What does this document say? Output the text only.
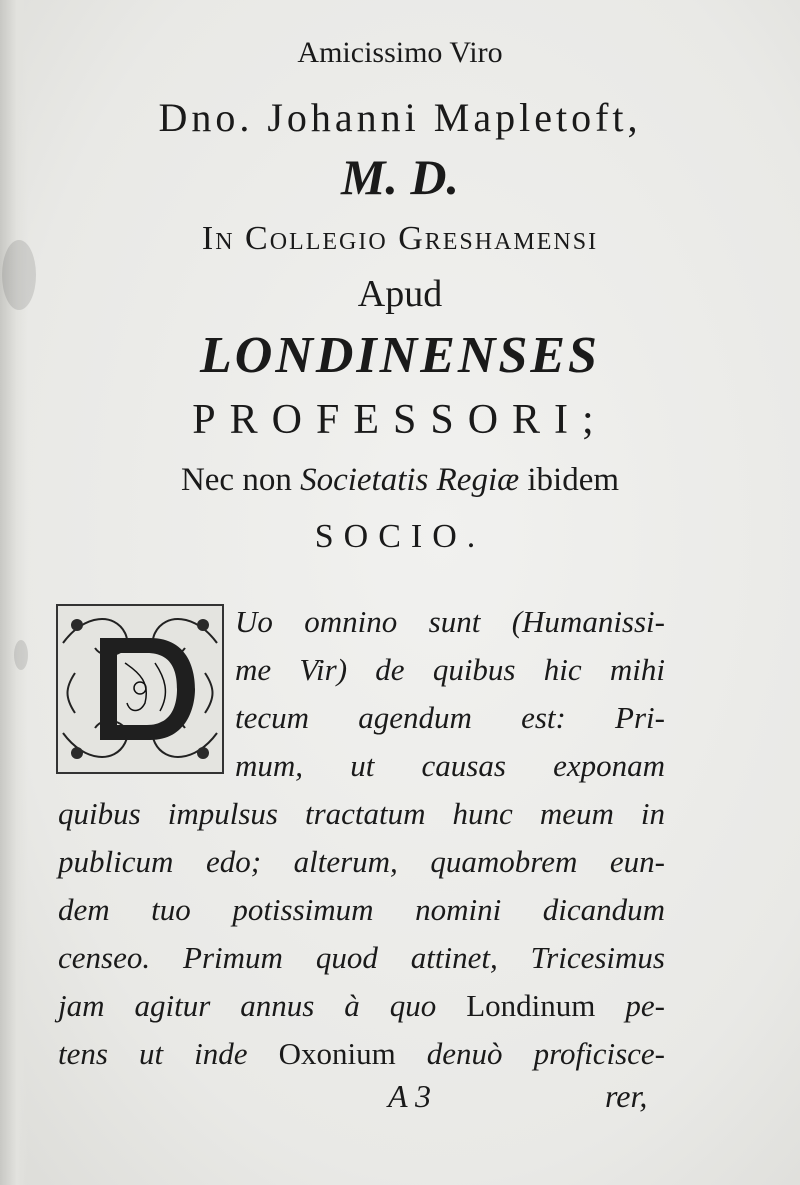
Amicissimo Viro
Dno. Johanni Mapletoft,
M. D.
In Collegio Greshamensi
Apud
LONDINENSES
PROFESSORI;
Nec non Societatis Regiæ ibidem
SOCIO.
Uo omnino sunt (Humanissi-
me Vir) de quibus hic mihi
tecum agendum est: Pri-
mum, ut causas exponam
quibus impulsus tractatum hunc meum in
publicum edo; alterum, quamobrem eun-
dem tuo potissimum nomini dicandum
censeo. Primum quod attinet, Tricesimus
jam agitur annus à quo Londinum pe-
tens ut inde Oxonium denuò proficisce-
A 3	rer,
